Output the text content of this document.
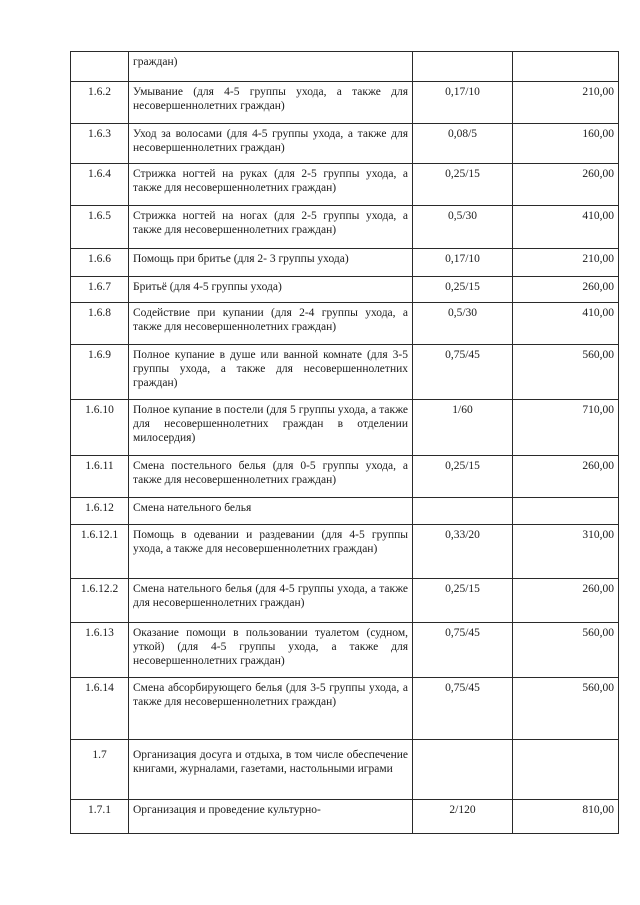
	граждан)		
1.6.2	Умывание (для 4-5 группы ухода, а также для несовершеннолетних граждан)	0,17/10	210,00
1.6.3	Уход за волосами (для 4-5 группы ухода, а также для несовершеннолетних граждан)	0,08/5	160,00
1.6.4	Стрижка ногтей на руках (для 2-5 группы ухода, а также для несовершеннолетних граждан)	0,25/15	260,00
1.6.5	Стрижка ногтей на ногах (для 2-5 группы ухода, а также для несовершеннолетних граждан)	0,5/30	410,00
1.6.6	Помощь при бритье (для 2- 3 группы ухода)	0,17/10	210,00
1.6.7	Бритьё (для 4-5 группы ухода)	0,25/15	260,00
1.6.8	Содействие при купании (для 2-4 группы ухода, а также для несовершеннолетних граждан)	0,5/30	410,00
1.6.9	Полное купание в душе или ванной комнате (для 3-5 группы ухода, а также для несовершеннолетних граждан)	0,75/45	560,00
1.6.10	Полное купание в постели (для 5 группы ухода, а также для несовершеннолетних граждан в отделении милосердия)	1/60	710,00
1.6.11	Смена постельного белья (для 0-5 группы ухода, а также для несовершеннолетних граждан)	0,25/15	260,00
1.6.12	Смена нательного белья		
1.6.12.1	Помощь в одевании и раздевании (для 4-5 группы ухода, а также для несовершеннолетних граждан)	0,33/20	310,00
1.6.12.2	Смена нательного белья (для 4-5 группы ухода, а также для несовершеннолетних граждан)	0,25/15	260,00
1.6.13	Оказание помощи в пользовании туалетом (судном, уткой) (для 4-5 группы ухода, а также для несовершеннолетних граждан)	0,75/45	560,00
1.6.14	Смена абсорбирующего белья (для 3-5 группы ухода, а также для несовершеннолетних граждан)	0,75/45	560,00
1.7	Организация досуга и отдыха, в том числе обеспечение книгами, журналами, газетами, настольными играми		
1.7.1	Организация и проведение культурно-	2/120	810,00
